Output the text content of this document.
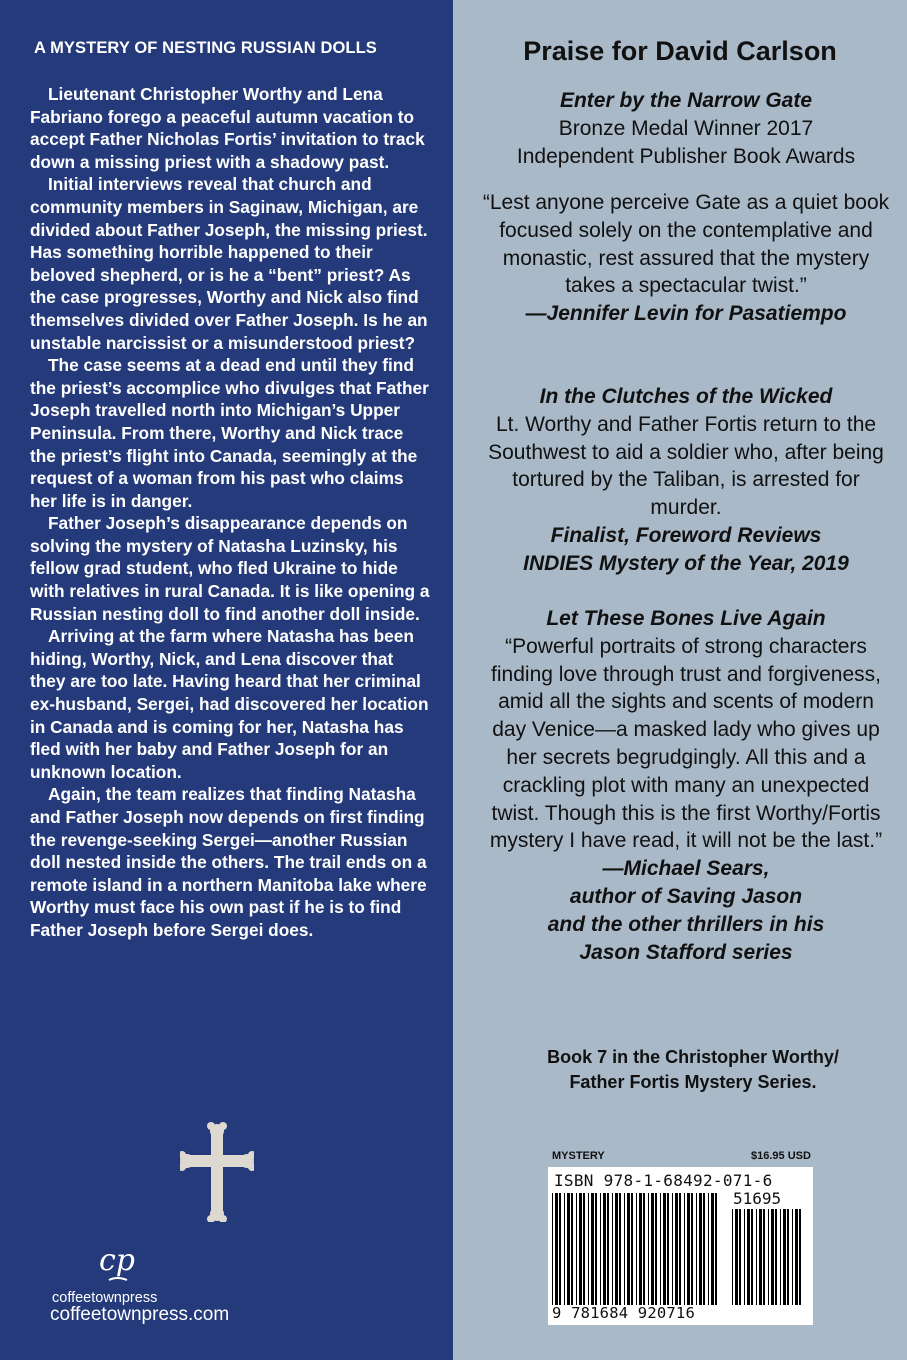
A MYSTERY OF NESTING RUSSIAN DOLLS

Lieutenant Christopher Worthy and Lena Fabriano forego a peaceful autumn vacation to accept Father Nicholas Fortis’ invitation to track down a missing priest with a shadowy past.

Initial interviews reveal that church and community members in Saginaw, Michigan, are divided about Father Joseph, the missing priest. Has something horrible happened to their beloved shepherd, or is he a “bent” priest? As the case progresses, Worthy and Nick also find themselves divided over Father Joseph. Is he an unstable narcissist or a misunderstood priest?

The case seems at a dead end until they find the priest’s accomplice who divulges that Father Joseph travelled north into Michigan’s Upper Peninsula. From there, Worthy and Nick trace the priest’s flight into Canada, seemingly at the request of a woman from his past who claims her life is in danger.

Father Joseph’s disappearance depends on solving the mystery of Natasha Luzinsky, his fellow grad student, who fled Ukraine to hide with relatives in rural Canada. It is like opening a Russian nesting doll to find another doll inside.

Arriving at the farm where Natasha has been hiding, Worthy, Nick, and Lena discover that they are too late. Having heard that her criminal ex-husband, Sergei, had discovered her location in Canada and is coming for her, Natasha has fled with her baby and Father Joseph for an unknown location.

Again, the team realizes that finding Natasha and Father Joseph now depends on first finding the revenge-seeking Sergei—another Russian doll nested inside the others. The trail ends on a remote island in a northern Manitoba lake where Worthy must face his own past if he is to find Father Joseph before Sergei does.

cp
coffeetownpress
coffeetownpress.com
Praise for David Carlson

Enter by the Narrow Gate

Bronze Medal Winner 2017

Independent Publisher Book Awards

“Lest anyone perceive Gate as a quiet book focused solely on the contemplative and monastic, rest assured that the mystery takes a spectacular twist.”

—Jennifer Levin for Pasatiempo

In the Clutches of the Wicked

Lt. Worthy and Father Fortis return to the Southwest to aid a soldier who, after being tortured by the Taliban, is arrested for murder.

Finalist, Foreword Reviews

INDIES Mystery of the Year, 2019

Let These Bones Live Again

“Powerful portraits of strong characters finding love through trust and forgiveness, amid all the sights and scents of modern day Venice—a masked lady who gives up her secrets begrudgingly. All this and a crackling plot with many an unexpected twist. Though this is the first Worthy/Fortis mystery I have read, it will not be the last.”

—Michael Sears,

author of Saving Jason

and the other thrillers in his

Jason Stafford series

Book 7 in the Christopher Worthy/
Father Fortis Mystery Series.
MYSTERY	$16.95 USD
ISBN 978-1-68492-071-6
51695
9 781684 920716
